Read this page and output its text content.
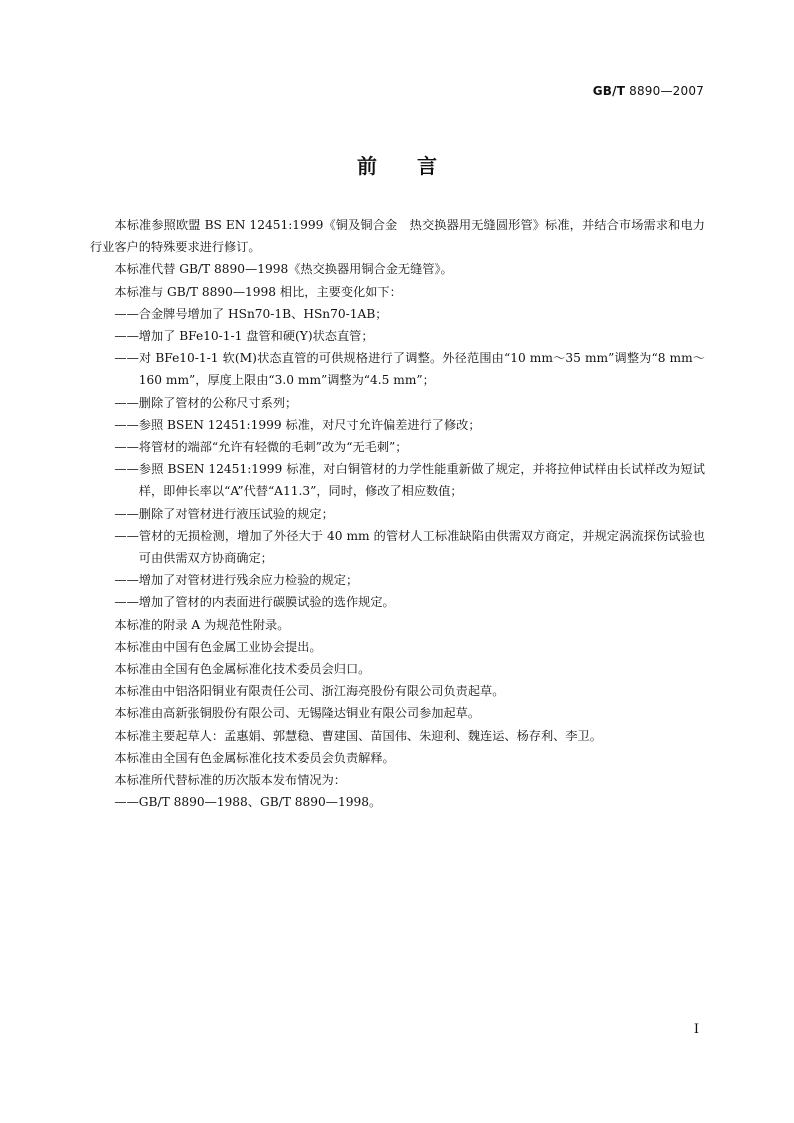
GB/T 8890—2007
前　　言

本标准参照欧盟 BS EN 12451:1999《铜及铜合金　热交换器用无缝圆形管》标准，并结合市场需求和电力行业客户的特殊要求进行修订。

本标准代替 GB/T 8890—1998《热交换器用铜合金无缝管》。

本标准与 GB/T 8890—1998 相比，主要变化如下：

——合金牌号增加了 HSn70-1B、HSn70-1AB；

——增加了 BFe10-1-1 盘管和硬(Y)状态直管；

——对 BFe10-1-1 软(M)状态直管的可供规格进行了调整。外径范围由“10 mm～35 mm”调整为“8 mm～160 mm”，厚度上限由“3.0 mm”调整为“4.5 mm”；

——删除了管材的公称尺寸系列；

——参照 BSEN 12451:1999 标准，对尺寸允许偏差进行了修改；

——将管材的端部“允许有轻微的毛刺”改为“无毛刺”；

——参照 BSEN 12451:1999 标准，对白铜管材的力学性能重新做了规定，并将拉伸试样由长试样改为短试样，即伸长率以“A”代替“A11.3”，同时，修改了相应数值；

——删除了对管材进行液压试验的规定；

——管材的无损检测，增加了外径大于 40 mm 的管材人工标准缺陷由供需双方商定，并规定涡流探伤试验也可由供需双方协商确定；

——增加了对管材进行残余应力检验的规定；

——增加了管材的内表面进行碳膜试验的选作规定。

本标准的附录 A 为规范性附录。

本标准由中国有色金属工业协会提出。

本标准由全国有色金属标准化技术委员会归口。

本标准由中铝洛阳铜业有限责任公司、浙江海亮股份有限公司负责起草。

本标准由高新张铜股份有限公司、无锡隆达铜业有限公司参加起草。

本标准主要起草人：孟惠娟、郭慧稳、曹建国、苗国伟、朱迎利、魏连运、杨存利、李卫。

本标准由全国有色金属标准化技术委员会负责解释。

本标准所代替标准的历次版本发布情况为：

——GB/T 8890—1988、GB/T 8890—1998。

I
